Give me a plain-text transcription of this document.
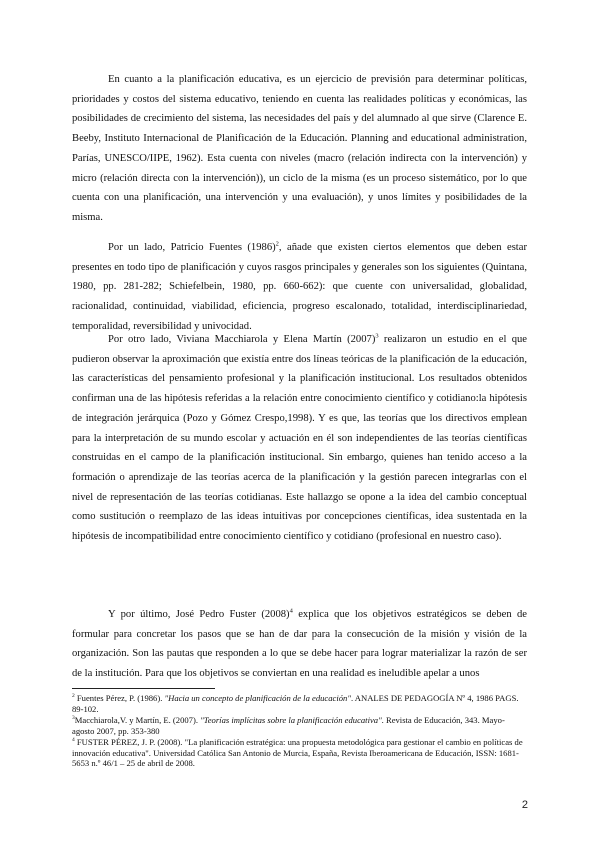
En cuanto a la planificación educativa, es un ejercicio de previsión para determinar políticas, prioridades y costos del sistema educativo, teniendo en cuenta las realidades políticas y económicas, las posibilidades de crecimiento del sistema, las necesidades del país y del alumnado al que sirve (Clarence E. Beeby, Instituto Internacional de Planificación de la Educación. Planning and educational administration, Parías, UNESCO/IIPE, 1962). Esta cuenta con niveles (macro (relación indirecta con la intervención) y micro (relación directa con la intervención)), un ciclo de la misma (es un proceso sistemático, por lo que cuenta con una planificación, una intervención y una evaluación), y unos límites y posibilidades de la misma.

Por un lado, Patricio Fuentes $(1986)^2$, añade que existen ciertos elementos que deben estar presentes en todo tipo de planificación y cuyos rasgos principales y generales son los siguientes (Quintana, 1980, pp. 281-282; Schiefelbein, 1980, pp. 660-662): que cuente con universalidad, globalidad, racionalidad, continuidad, viabilidad, eficiencia, progreso escalonado, totalidad, interdisciplinariedad, temporalidad, reversibilidad y univocidad.

Por otro lado, Viviana Macchiarola y Elena Martín $(2007)^3$ realizaron un estudio en el que pudieron observar la aproximación que existía entre dos líneas teóricas de la planificación de la educación, las características del pensamiento profesional y la planificación institucional. Los resultados obtenidos confirman una de las hipótesis referidas a la relación entre conocimiento científico y cotidiano:la hipótesis de integración jerárquica (Pozo y Gómez Crespo,1998). Y es que, las teorías que los directivos emplean para la interpretación de su mundo escolar y actuación en él son independientes de las teorías científicas construidas en el campo de la planificación institucional. Sin embargo, quienes han tenido acceso a la formación o aprendizaje de las teorías acerca de la planificación y la gestión parecen integrarlas con el nivel de representación de las teorías cotidianas. Este hallazgo se opone a la idea del cambio conceptual como sustitución o reemplazo de las ideas intuitivas por concepciones científicas, idea sustentada en la hipótesis de incompatibilidad entre conocimiento científico y cotidiano (profesional en nuestro caso).

Y por último, José Pedro Fuster $(2008)^4$ explica que los objetivos estratégicos se deben de formular para concretar los pasos que se han de dar para la consecución de la misión y visión de la organización. Son las pautas que responden a lo que se debe hacer para lograr materializar la razón de ser de la institución. Para que los objetivos se conviertan en una realidad es ineludible apelar a unos

$^2$ Fuentes Pérez, P. (1986). "Hacia un concepto de planificación de la educación". ANALES DE PEDAGOGÍA Nº 4, 1986 PAGS. 89-102.

$^3$Macchiarola,V. y Martín, E. (2007). "Teorías implícitas sobre la planificación educativa". Revista de Educación, 343. Mayo-agosto 2007, pp. 353-380

$^4$ FUSTER PÉREZ, J. P. (2008). "La planificación estratégica: una propuesta metodológica para gestionar el cambio en políticas de innovación educativa". Universidad Católica San Antonio de Murcia, España, Revista Iberoamericana de Educación, ISSN: 1681-5653 n.º 46/1 – 25 de abril de 2008.

2
